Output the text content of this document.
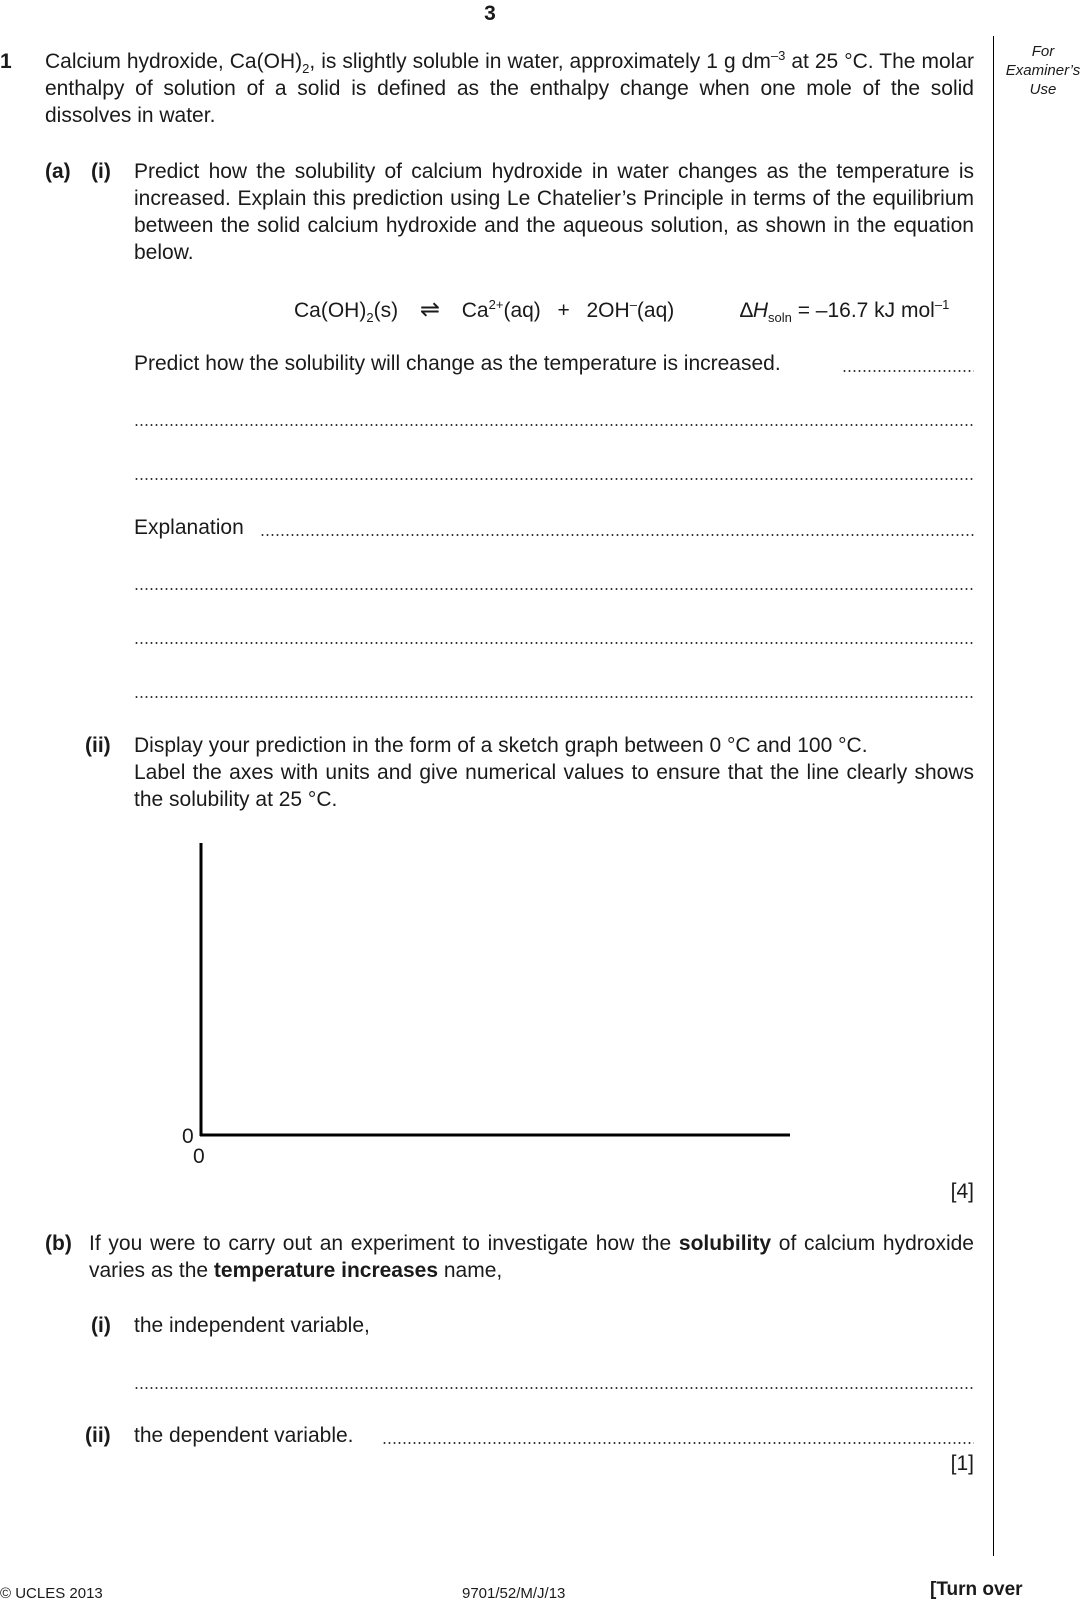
3
For
Examiner’s
Use
1 Calcium hydroxide, $Ca(OH)_2$, is slightly soluble in water, approximately 1 g $dm^{-3}$ at 25 °C. The molar enthalpy of solution of a solid is defined as the enthalpy change when one mole of the solid dissolves in water.
(a) (i) Predict how the solubility of calcium hydroxide in water changes as the temperature is increased. Explain this prediction using Le Chatelier’s Principle in terms of the equilibrium between the solid calcium hydroxide and the aqueous solution, as shown in the equation below.
$Ca(OH)_2(s)$ ⇌ $Ca^{2+}(aq) + 2OH^-(aq)$	$\Delta H_{soln} = -16.7$ kJ mol$^{-1}$
Predict how the solubility will change as the temperature is increased.
Explanation
(ii) Display your prediction in the form of a sketch graph between 0 °C and 100 °C.
Label the axes with units and give numerical values to ensure that the line clearly shows the solubility at 25 °C.
0
0
[4]
(b) If you were to carry out an experiment to investigate how the solubility of calcium hydroxide varies as the temperature increases name,
(i) the independent variable,
(ii) the dependent variable.
[1]
© UCLES 2013	9701/52/M/J/13	[Turn over
